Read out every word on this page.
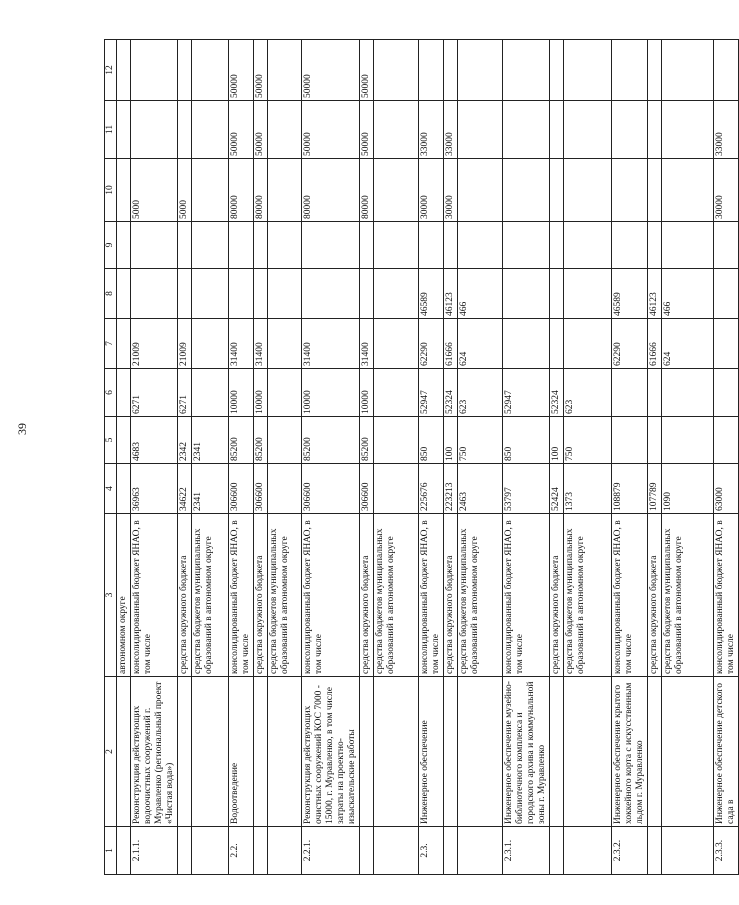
39
1	2	3	4	5	6	7	8	9	10	11	12
		автономном округе									
2.1.1.	Реконструкция действующих водоочистных сооружений г. Муравленко (региональный проект «Чистая вода»)	консолидированный бюджет ЯНАО, в том числе	36963	4683	6271	21009			5000		
		средства окружного бюджета	34622	2342	6271	21009			5000		
		средства бюджетов муниципальных образований в автономном округе	2341	2341							
2.2.	Водоотведение	консолидированный бюджет ЯНАО, в том числе	306600	85200	10000	31400			80000	50000	50000
		средства окружного бюджета	306600	85200	10000	31400			80000	50000	50000
		средства бюджетов муниципальных образований в автономном округе									
2.2.1.	Реконструкция действующих очистных сооружений КОС 7000 - 15000, г. Муравленко, в том числе затраты на проектно-изыскательские работы	консолидированный бюджет ЯНАО, в том числе	306600	85200	10000	31400			80000	50000	50000
		средства окружного бюджета	306600	85200	10000	31400			80000	50000	50000
		средства бюджетов муниципальных образований в автономном округе									
2.3.	Инженерное обеспечение	консолидированный бюджет ЯНАО, в том числе	225676	850	52947	62290	46589		30000	33000	
		средства окружного бюджета	223213	100	52324	61666	46123		30000	33000	
		средства бюджетов муниципальных образований в автономном округе	2463	750	623	624	466				
2.3.1.	Инженерное обеспечение музейно-библиотечного комплекса и городского архива и коммунальной зоны г. Муравленко	консолидированный бюджет ЯНАО, в том числе	53797	850	52947						
		средства окружного бюджета	52424	100	52324						
		средства бюджетов муниципальных образований в автономном округе	1373	750	623						
2.3.2.	Инженерное обеспечение крытого хоккейного корта с искусственным льдом г. Муравленко	консолидированный бюджет ЯНАО, в том числе	108879			62290	46589				
		средства окружного бюджета	107789			61666	46123				
		средства бюджетов муниципальных образований в автономном округе	1090			624	466				
2.3.3.	Инженерное обеспечение детского сада в	консолидированный бюджет ЯНАО, в том числе	63000						30000	33000	
